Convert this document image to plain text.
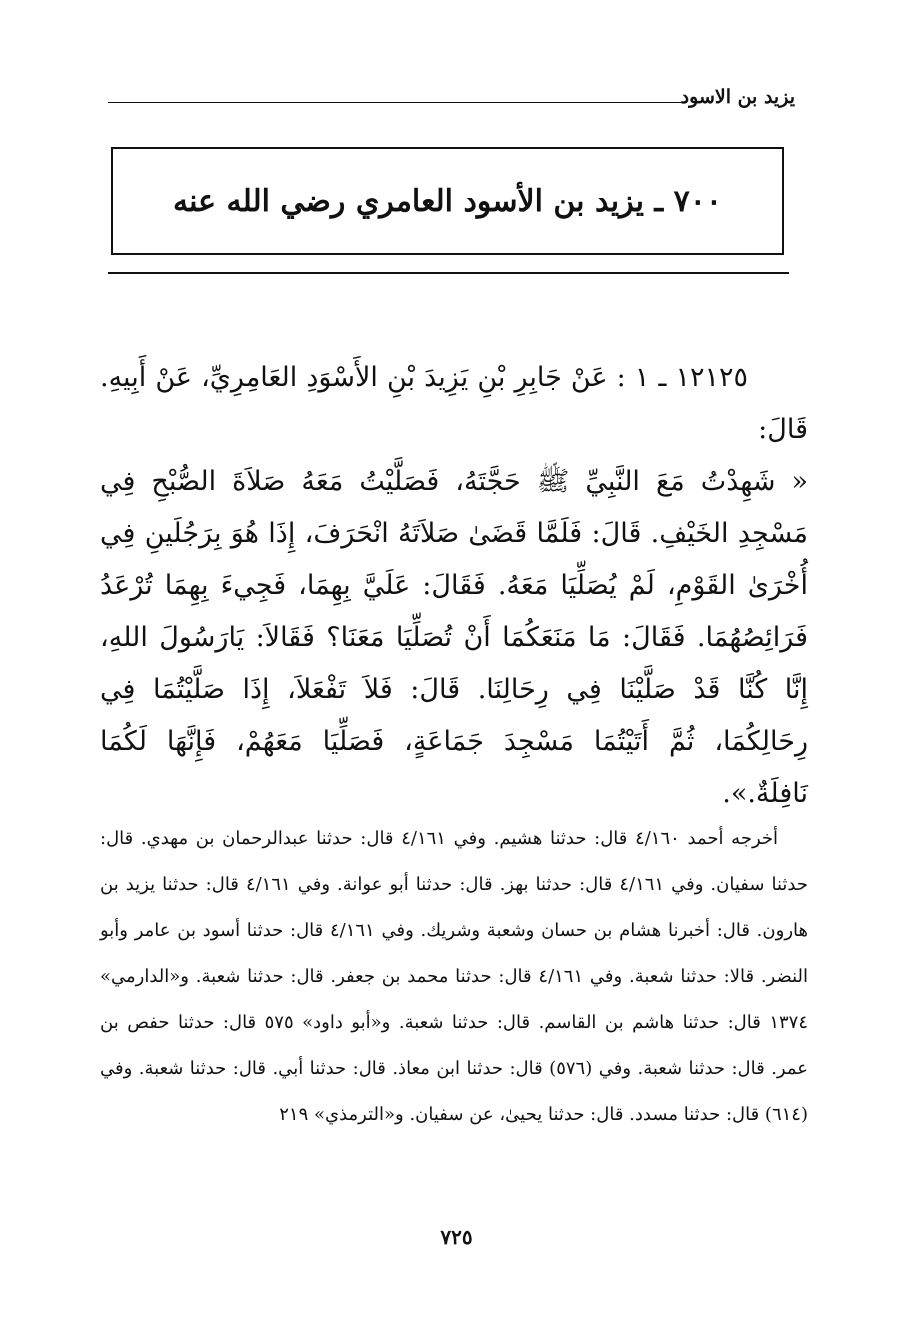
يزيد بن الاسود
٧٠٠ ـ يزيد بن الأسود العامري رضي الله عنه

١٢١٢٥ ـ ١ : عَنْ جَابِرِ بْنِ يَزِيدَ بْنِ الأَسْوَدِ العَامِرِيِّ، عَنْ أَبِيهِ. قَالَ:

« شَهِدْتُ مَعَ النَّبِيِّ ﷺ حَجَّتَهُ، فَصَلَّيْتُ مَعَهُ صَلاَةَ الصُّبْحِ فِي مَسْجِدِ الخَيْفِ. قَالَ: فَلَمَّا قَضَىٰ صَلاَتَهُ انْحَرَفَ، إِذَا هُوَ بِرَجُلَينِ فِي أُخْرَىٰ القَوْمِ، لَمْ يُصَلِّيَا مَعَهُ. فَقَالَ: عَلَيَّ بِهِمَا، فَجِيءَ بِهِمَا تُرْعَدُ فَرَائِصُهُمَا. فَقَالَ: مَا مَنَعَكُمَا أَنْ تُصَلِّيَا مَعَنَا؟ فَقَالاَ: يَارَسُولَ اللهِ، إِنَّا كُنَّا قَدْ صَلَّيْنَا فِي رِحَالِنَا. قَالَ: فَلاَ تَفْعَلاَ، إِذَا صَلَّيْتُمَا فِي رِحَالِكُمَا، ثُمَّ أَتَيْتُمَا مَسْجِدَ جَمَاعَةٍ، فَصَلِّيَا مَعَهُمْ، فَإِنَّهَا لَكُمَا نَافِلَةٌ.».

أخرجه أحمد ٤/١٦٠ قال: حدثنا هشيم. وفي ٤/١٦١ قال: حدثنا عبدالرحمان بن مهدي. قال: حدثنا سفيان. وفي ٤/١٦١ قال: حدثنا بهز. قال: حدثنا أبو عوانة. وفي ٤/١٦١ قال: حدثنا يزيد بن هارون. قال: أخبرنا هشام بن حسان وشعبة وشريك. وفي ٤/١٦١ قال: حدثنا أسود بن عامر وأبو النضر. قالا: حدثنا شعبة. وفي ٤/١٦١ قال: حدثنا محمد بن جعفر. قال: حدثنا شعبة. و«الدارمي» ١٣٧٤ قال: حدثنا هاشم بن القاسم. قال: حدثنا شعبة. و«أبو داود» ٥٧٥ قال: حدثنا حفص بن عمر. قال: حدثنا شعبة. وفي (٥٧٦) قال: حدثنا ابن معاذ. قال: حدثنا أبي. قال: حدثنا شعبة. وفي (٦١٤) قال: حدثنا مسدد. قال: حدثنا يحيىٰ، عن سفيان. و«الترمذي» ٢١٩

٧٢٥
